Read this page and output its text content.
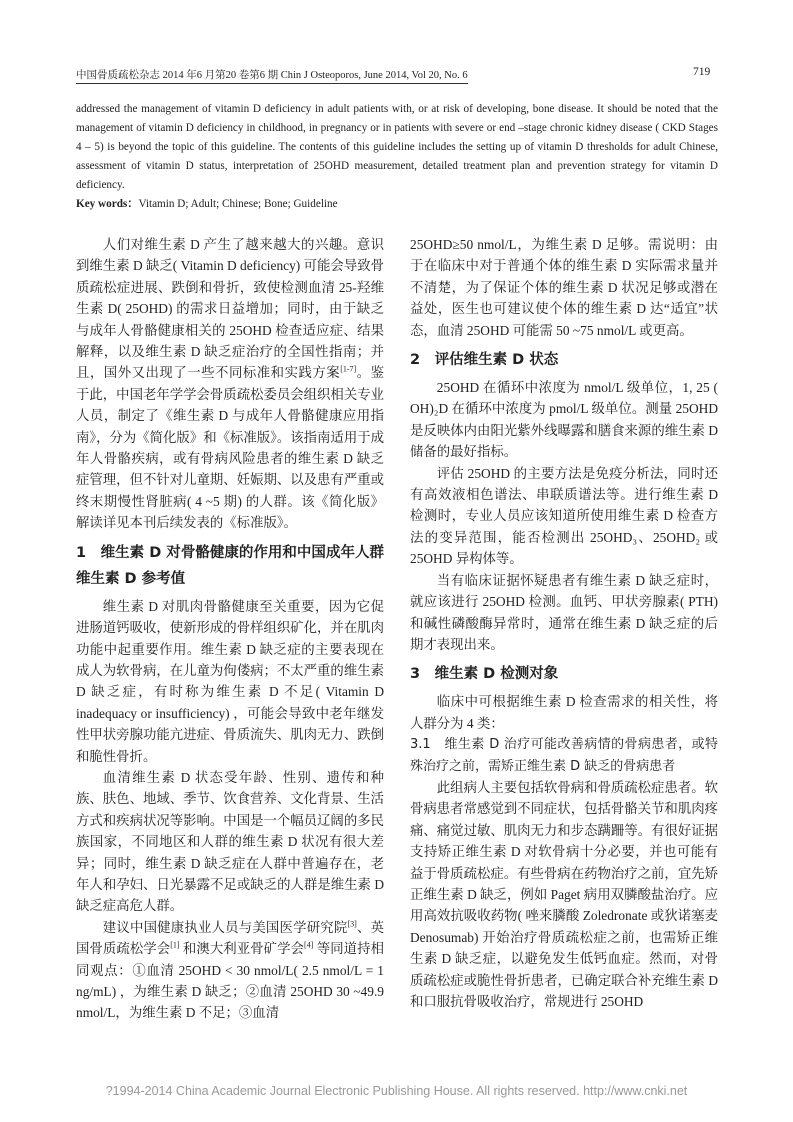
中国骨质疏松杂志 2014 年6 月第20 卷第6 期 Chin J Osteoporos, June 2014, Vol 20, No. 6	719
addressed the management of vitamin D deficiency in adult patients with, or at risk of developing, bone disease. It should be noted that the management of vitamin D deficiency in childhood, in pregnancy or in patients with severe or end –stage chronic kidney disease ( CKD Stages 4 – 5) is beyond the topic of this guideline. The contents of this guideline includes the setting up of vitamin D thresholds for adult Chinese, assessment of vitamin D status, interpretation of 25OHD measurement, detailed treatment plan and prevention strategy for vitamin D deficiency.
Key words：Vitamin D; Adult; Chinese; Bone; Guideline
人们对维生素 D 产生了越来越大的兴趣。意识到维生素 D 缺乏( Vitamin D deficiency) 可能会导致骨质疏松症进展、跌倒和骨折，致使检测血清 25-羟维生素 D( 25OHD) 的需求日益增加；同时，由于缺乏与成年人骨骼健康相关的 25OHD 检查适应症、结果解释，以及维生素 D 缺乏症治疗的全国性指南；并且，国外又出现了一些不同标准和实践方案[1-7]。鉴于此，中国老年学学会骨质疏松委员会组织相关专业人员，制定了《维生素 D 与成年人骨骼健康应用指南》，分为《简化版》和《标准版》。该指南适用于成年人骨骼疾病，或有骨病风险患者的维生素 D 缺乏症管理，但不针对儿童期、妊娠期、以及患有严重或终末期慢性肾脏病( 4 ~5 期) 的人群。该《简化版》解读详见本刊后续发表的《标准版》。
1　维生素 D 对骨骼健康的作用和中国成年人群维生素 D 参考值
维生素 D 对肌肉骨骼健康至关重要，因为它促进肠道钙吸收，使新形成的骨样组织矿化，并在肌肉功能中起重要作用。维生素 D 缺乏症的主要表现在成人为软骨病，在儿童为佝偻病；不太严重的维生素 D 缺乏症，有时称为维生素 D 不足( Vitamin D inadequacy or insufficiency) ，可能会导致中老年继发性甲状旁腺功能亢进症、骨质流失、肌肉无力、跌倒和脆性骨折。
血清维生素 D 状态受年龄、性别、遗传和种族、肤色、地域、季节、饮食营养、文化背景、生活方式和疾病状况等影响。中国是一个幅员辽阔的多民族国家，不同地区和人群的维生素 D 状况有很大差异；同时，维生素 D 缺乏症在人群中普遍存在，老年人和孕妇、日光暴露不足或缺乏的人群是维生素 D 缺乏症高危人群。
建议中国健康执业人员与美国医学研究院[3]、英国骨质疏松学会[1] 和澳大利亚骨矿学会[4] 等同道持相同观点：①血清 25OHD < 30 nmol/L( 2.5 nmol/L = 1 ng/mL) ，为维生素 D 缺乏；②血清 25OHD 30 ~49.9 nmol/L，为维生素 D 不足；③血清
25OHD≥50 nmol/L，为维生素 D 足够。需说明：由于在临床中对于普通个体的维生素 D 实际需求量并不清楚，为了保证个体的维生素 D 状况足够或潜在益处，医生也可建议使个体的维生素 D 达“适宜”状态，血清 25OHD 可能需 50 ~75 nmol/L 或更高。
2　评估维生素 D 状态
25OHD 在循环中浓度为 nmol/L 级单位，1, 25 ( OH)₂D 在循环中浓度为 pmol/L 级单位。测量 25OHD 是反映体内由阳光紫外线曝露和膳食来源的维生素 D 储备的最好指标。
评估 25OHD 的主要方法是免疫分析法，同时还有高效液相色谱法、串联质谱法等。进行维生素 D 检测时，专业人员应该知道所使用维生素 D 检查方法的变异范围，能否检测出 25OHD₃、25OHD₂ 或 25OHD 异构体等。
当有临床证据怀疑患者有维生素 D 缺乏症时，就应该进行 25OHD 检测。血钙、甲状旁腺素( PTH) 和碱性磷酸酶异常时，通常在维生素 D 缺乏症的后期才表现出来。
3　维生素 D 检测对象
临床中可根据维生素 D 检查需求的相关性，将人群分为 4 类：
3.1　维生素 D 治疗可能改善病情的骨病患者，或特殊治疗之前，需矫正维生素 D 缺乏的骨病患者
此组病人主要包括软骨病和骨质疏松症患者。软骨病患者常感觉到不同症状，包括骨骼关节和肌肉疼痛、痛觉过敏、肌肉无力和步态蹒跚等。有很好证据支持矫正维生素 D 对软骨病十分必要，并也可能有益于骨质疏松症。有些骨病在药物治疗之前，宜先矫正维生素 D 缺乏，例如 Paget 病用双膦酸盐治疗。应用高效抗吸收药物( 唑来膦酸 Zoledronate 或狄诺塞麦 Denosumab) 开始治疗骨质疏松症之前，也需矫正维生素 D 缺乏症，以避免发生低钙血症。然而，对骨质疏松症或脆性骨折患者，已确定联合补充维生素 D 和口服抗骨吸收治疗，常规进行 25OHD
?1994-2014 China Academic Journal Electronic Publishing House. All rights reserved. http://www.cnki.net
